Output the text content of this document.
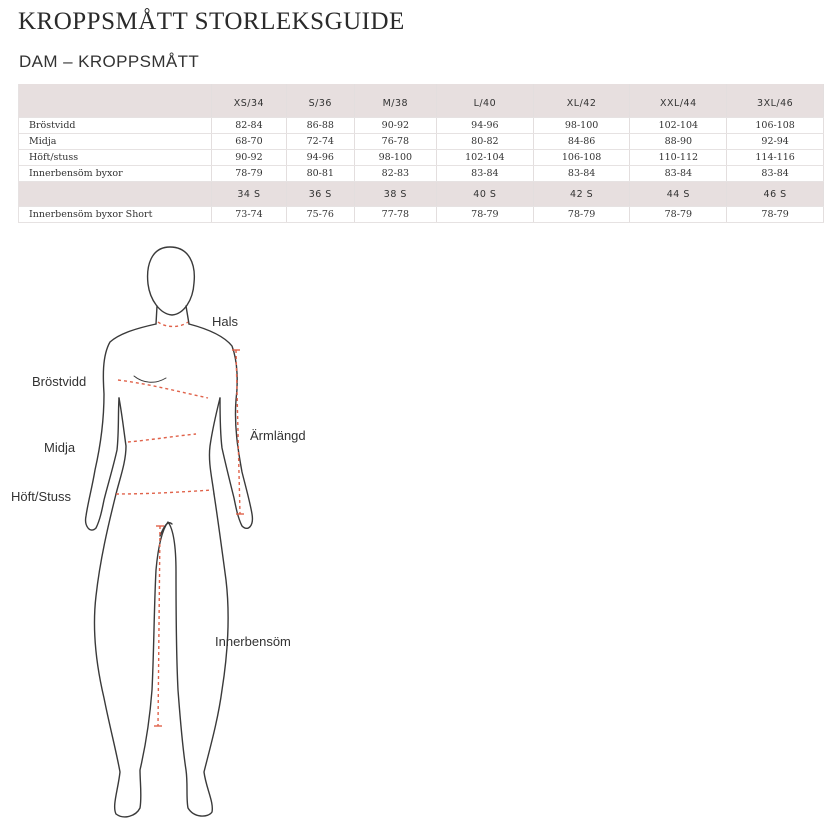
KROPPSMÅTT STORLEKSGUIDE
DAM – KROPPSMÅTT
	XS/34	S/36	M/38	L/40	XL/42	XXL/44	3XL/46
Bröstvidd	82-84	86-88	90-92	94-96	98-100	102-104	106-108
Midja	68-70	72-74	76-78	80-82	84-86	88-90	92-94
Höft/stuss	90-92	94-96	98-100	102-104	106-108	110-112	114-116
Innerbensöm byxor	78-79	80-81	82-83	83-84	83-84	83-84	83-84
	34 S	36 S	38 S	40 S	42 S	44 S	46 S
Innerbensöm byxor Short	73-74	75-76	77-78	78-79	78-79	78-79	78-79
Hals
Bröstvidd
Ärmlängd
Midja
Höft/Stuss
Innerbensöm
